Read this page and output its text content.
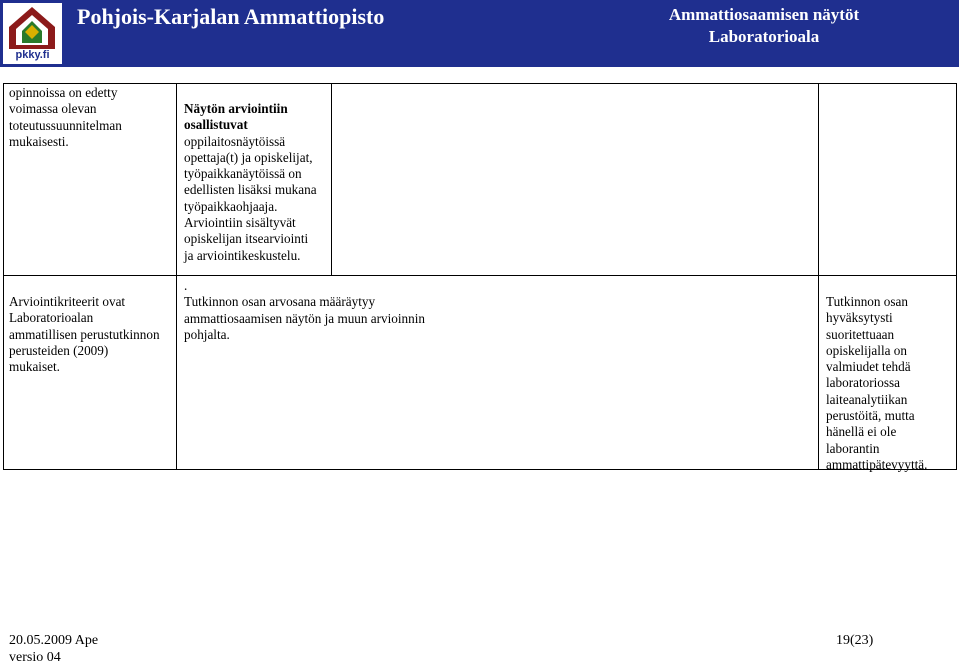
pkky.fi
Pohjois-Karjalan Ammattiopisto	Ammattiosaamisen näytöt
Laboratorioala
opinnoissa on edetty
voimassa olevan
toteutussuunnitelman
mukaisesti.
Näytön arviointiin
osallistuvat
oppilaitosnäytöissä
opettaja(t) ja opiskelijat,
työpaikkanäytöissä on
edellisten lisäksi mukana
työpaikkaohjaaja.
Arviointiin sisältyvät
opiskelijan itsearviointi
ja arviointikeskustelu.
Arviointikriteerit ovat
Laboratorioalan
ammatillisen perustutkinnon
perusteiden (2009)
mukaiset.
.
Tutkinnon osan arvosana määräytyy
ammattiosaamisen näytön ja muun arvioinnin
pohjalta.
Tutkinnon osan
hyväksytysti
suoritettuaan
opiskelijalla on
valmiudet tehdä
laboratoriossa
laiteanalytiikan
perustöitä, mutta
hänellä ei ole
laborantin
ammattipätevyyttä.
20.05.2009 Ape
versio 04
19(23)
